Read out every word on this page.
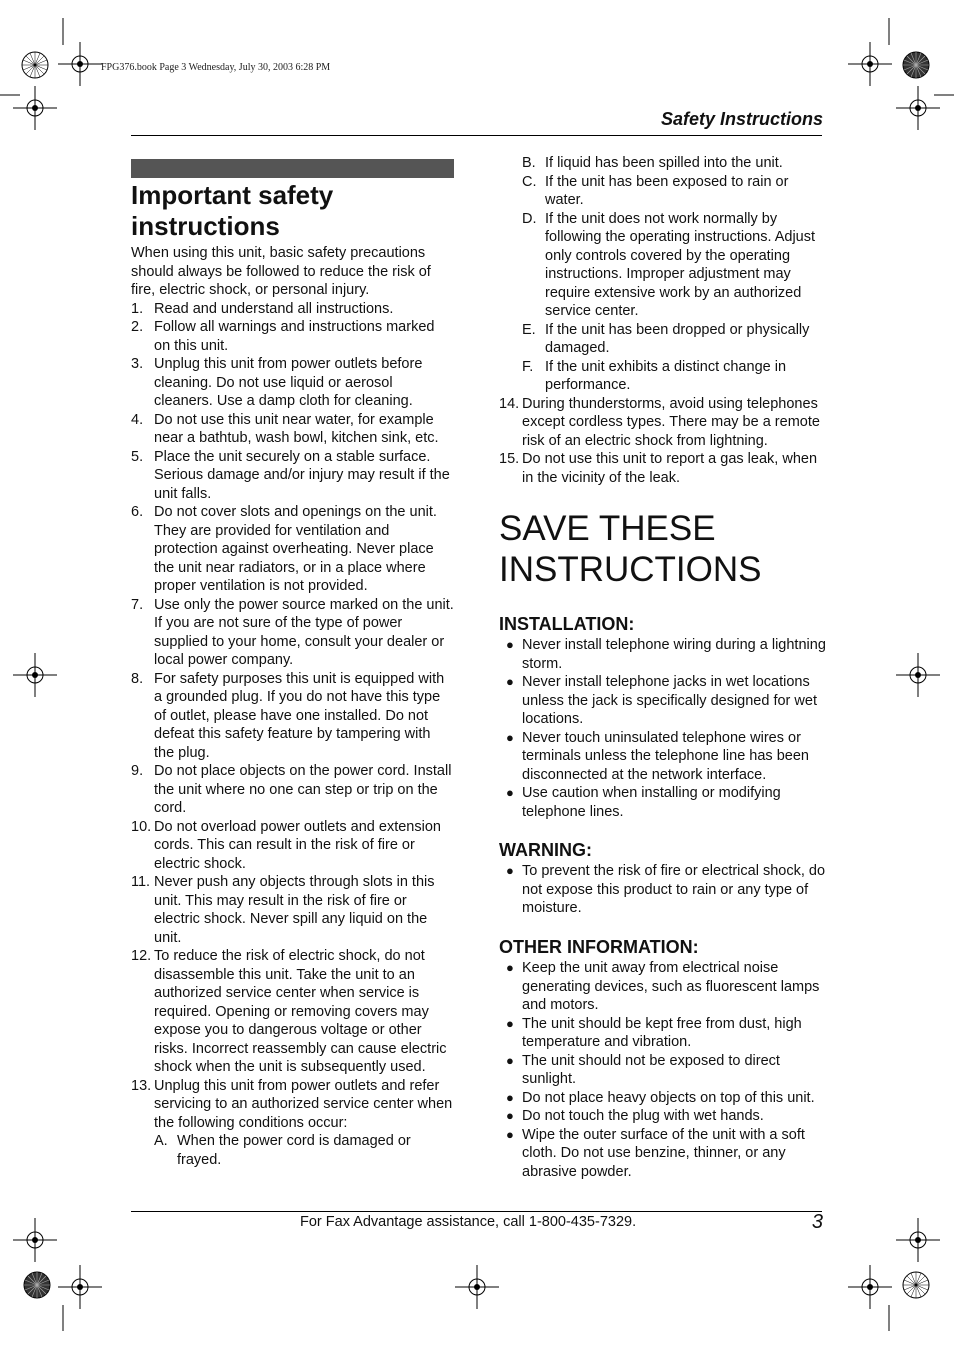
FPG376.book Page 3 Wednesday, July 30, 2003 6:28 PM
Safety Instructions
Important safety
instructions

When using this unit, basic safety precautions should always be followed to reduce the risk of fire, electric shock, or personal injury.

1. Read and understand all instructions.
2. Follow all warnings and instructions marked on this unit.
3. Unplug this unit from power outlets before cleaning. Do not use liquid or aerosol cleaners. Use a damp cloth for cleaning.
4. Do not use this unit near water, for example near a bathtub, wash bowl, kitchen sink, etc.
5. Place the unit securely on a stable surface. Serious damage and/or injury may result if the unit falls.
6. Do not cover slots and openings on the unit. They are provided for ventilation and protection against overheating. Never place the unit near radiators, or in a place where proper ventilation is not provided.
7. Use only the power source marked on the unit. If you are not sure of the type of power supplied to your home, consult your dealer or local power company.
8. For safety purposes this unit is equipped with a grounded plug. If you do not have this type of outlet, please have one installed. Do not defeat this safety feature by tampering with the plug.
9. Do not place objects on the power cord. Install the unit where no one can step or trip on the cord.
10. Do not overload power outlets and extension cords. This can result in the risk of fire or electric shock.
11. Never push any objects through slots in this unit. This may result in the risk of fire or electric shock. Never spill any liquid on the unit.
12. To reduce the risk of electric shock, do not disassemble this unit. Take the unit to an authorized service center when service is required. Opening or removing covers may expose you to dangerous voltage or other risks. Incorrect reassembly can cause electric shock when the unit is subsequently used.
13. Unplug this unit from power outlets and refer servicing to an authorized service center when the following conditions occur:
A. When the power cord is damaged or frayed.
B. If liquid has been spilled into the unit.
C. If the unit has been exposed to rain or water.
D. If the unit does not work normally by following the operating instructions. Adjust only controls covered by the operating instructions. Improper adjustment may require extensive work by an authorized service center.
E. If the unit has been dropped or physically damaged.
F. If the unit exhibits a distinct change in performance.
14. During thunderstorms, avoid using telephones except cordless types. There may be a remote risk of an electric shock from lightning.
15. Do not use this unit to report a gas leak, when in the vicinity of the leak.
SAVE THESE
INSTRUCTIONS
INSTALLATION:
● Never install telephone wiring during a lightning storm.
● Never install telephone jacks in wet locations unless the jack is specifically designed for wet locations.
● Never touch uninsulated telephone wires or terminals unless the telephone line has been disconnected at the network interface.
● Use caution when installing or modifying telephone lines.
WARNING:
● To prevent the risk of fire or electrical shock, do not expose this product to rain or any type of moisture.
OTHER INFORMATION:
● Keep the unit away from electrical noise generating devices, such as fluorescent lamps and motors.
● The unit should be kept free from dust, high temperature and vibration.
● The unit should not be exposed to direct sunlight.
● Do not place heavy objects on top of this unit.
● Do not touch the plug with wet hands.
● Wipe the outer surface of the unit with a soft cloth. Do not use benzine, thinner, or any abrasive powder.
For Fax Advantage assistance, call 1-800-435-7329.	3
